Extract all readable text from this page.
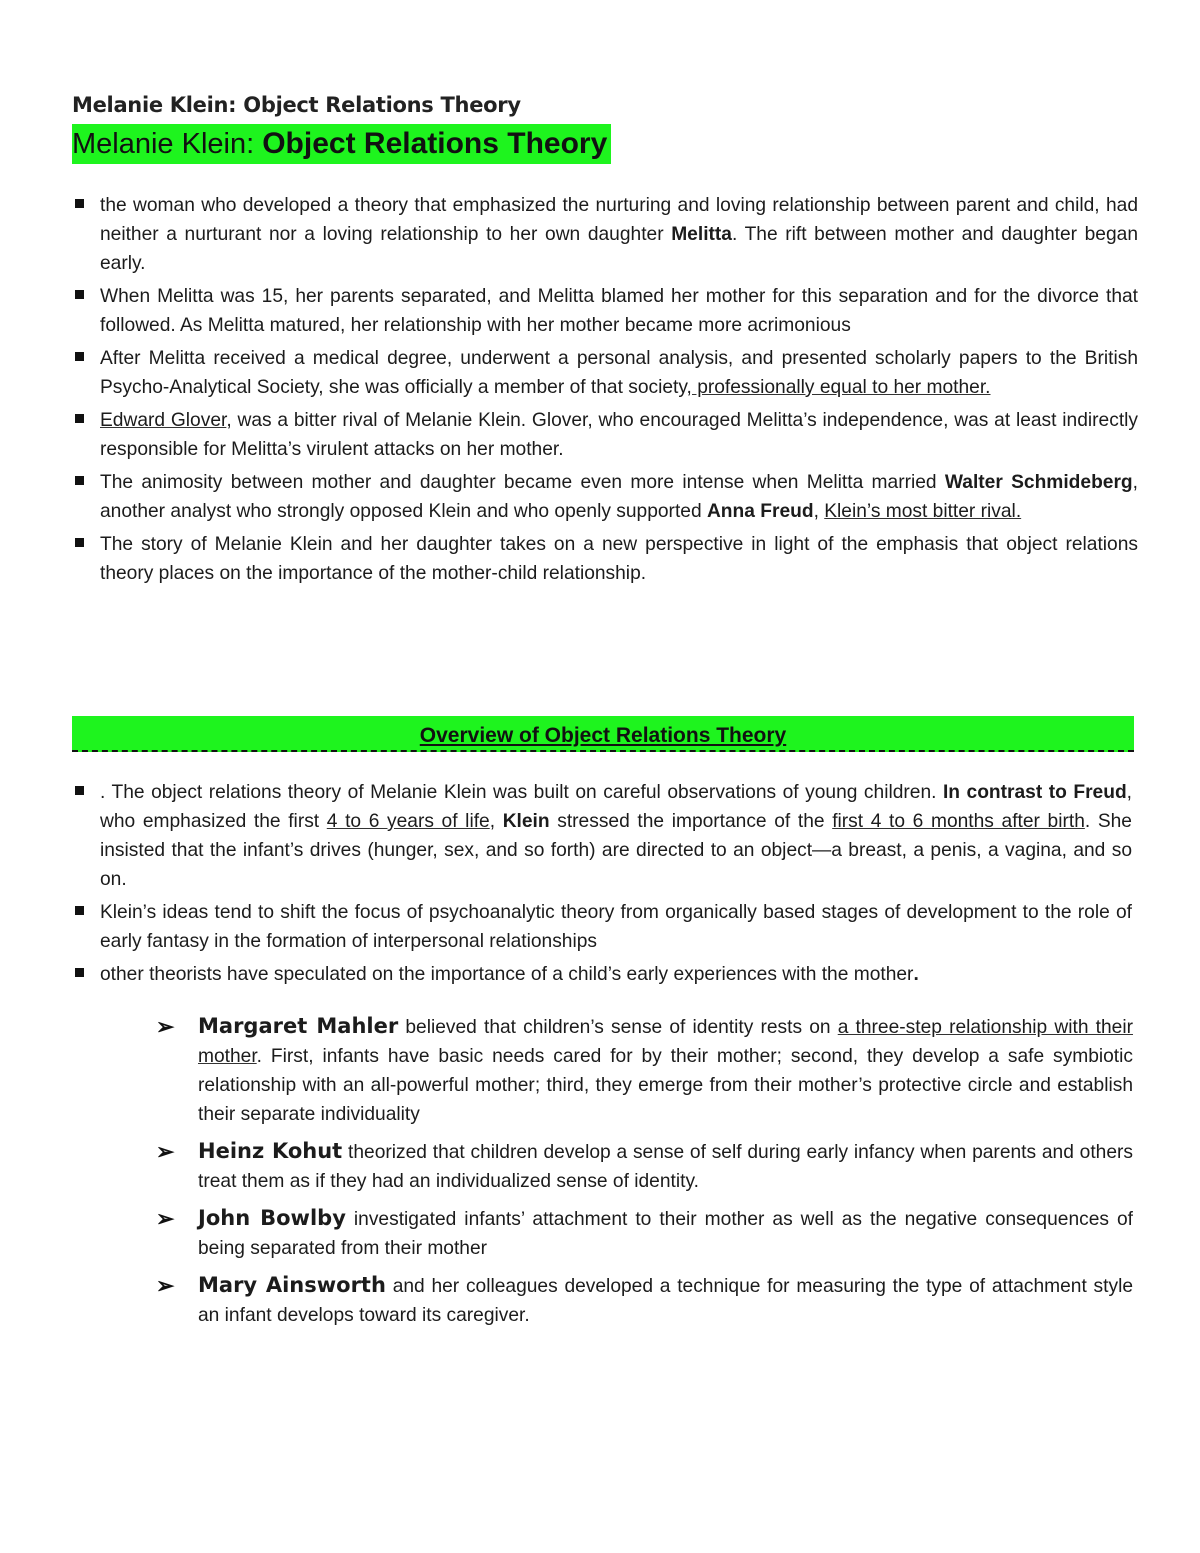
Melanie Klein: Object Relations Theory
Melanie Klein: Object Relations Theory
the woman who developed a theory that emphasized the nurturing and loving relationship between parent and child, had neither a nurturant nor a loving relationship to her own daughter Melitta. The rift between mother and daughter began early.
When Melitta was 15, her parents separated, and Melitta blamed her mother for this separation and for the divorce that followed. As Melitta matured, her relationship with her mother became more acrimonious
After Melitta received a medical degree, underwent a personal analysis, and presented scholarly papers to the British Psycho-Analytical Society, she was officially a member of that society, professionally equal to her mother.
Edward Glover, was a bitter rival of Melanie Klein. Glover, who encouraged Melitta’s independence, was at least indirectly responsible for Melitta’s virulent attacks on her mother.
The animosity between mother and daughter became even more intense when Melitta married Walter Schmideberg, another analyst who strongly opposed Klein and who openly supported Anna Freud, Klein’s most bitter rival.
The story of Melanie Klein and her daughter takes on a new perspective in light of the emphasis that object relations theory places on the importance of the mother-child relationship.
Overview of Object Relations Theory
. The object relations theory of Melanie Klein was built on careful observations of young children. In contrast to Freud, who emphasized the first 4 to 6 years of life, Klein stressed the importance of the first 4 to 6 months after birth. She insisted that the infant’s drives (hunger, sex, and so forth) are directed to an object—a breast, a penis, a vagina, and so on.
Klein’s ideas tend to shift the focus of psychoanalytic theory from organically based stages of development to the role of early fantasy in the formation of interpersonal relationships
other theorists have speculated on the importance of a child’s early experiences with the mother.
➢	Margaret Mahler believed that children’s sense of identity rests on a three-step relationship with their mother. First, infants have basic needs cared for by their mother; second, they develop a safe symbiotic relationship with an all-powerful mother; third, they emerge from their mother’s protective circle and establish their separate individuality
➢	Heinz Kohut theorized that children develop a sense of self during early infancy when parents and others treat them as if they had an individualized sense of identity.
➢	John Bowlby investigated infants’ attachment to their mother as well as the negative consequences of being separated from their mother
➢	Mary Ainsworth and her colleagues developed a technique for measuring the type of attachment style an infant develops toward its caregiver.
